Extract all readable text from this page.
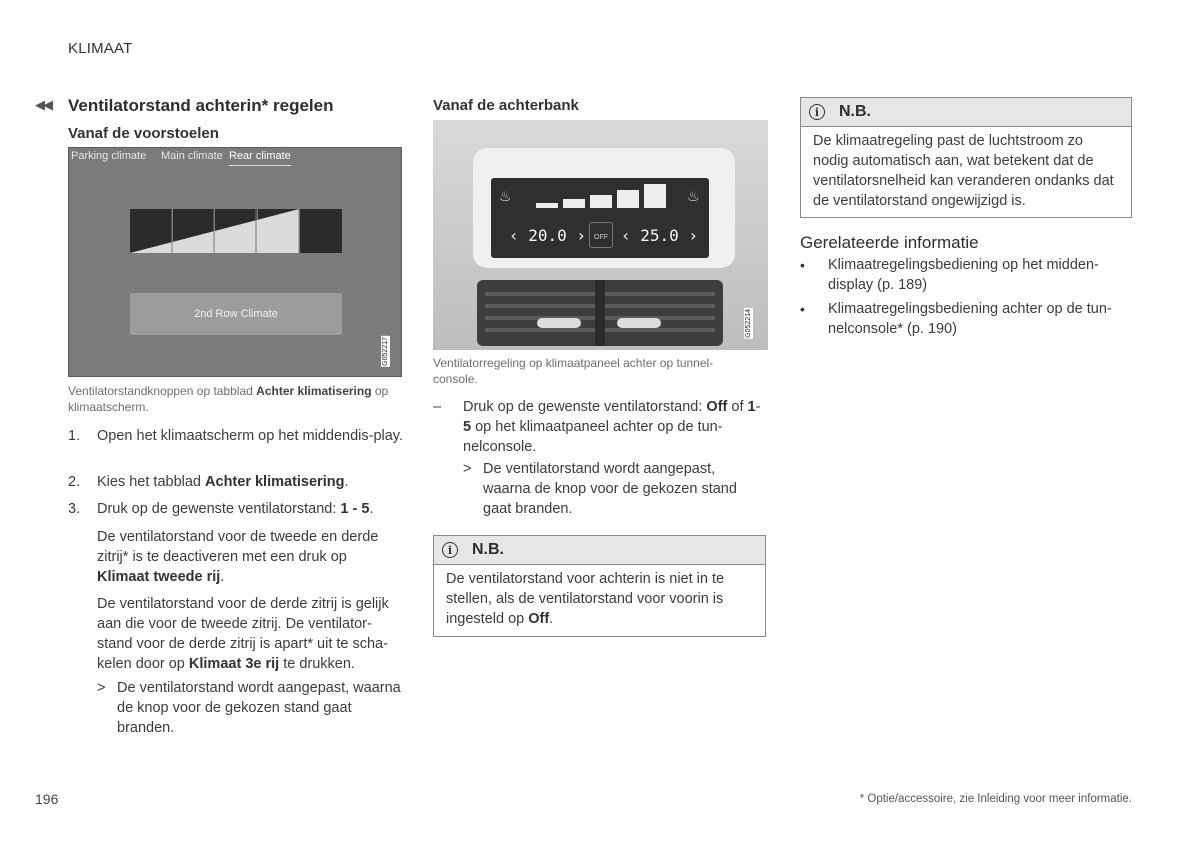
KLIMAAT
◀◀ Ventilatorstand achterin* regelen
Vanaf de voorstoelen
Parking climate Main climate Rear climate
2nd Row Climate
G052217
Ventilatorstandknoppen op tabblad Achter klimatisering op klimaatscherm.
1.	Open het klimaatscherm op het middendis-play.
2.	Kies het tabblad Achter klimatisering.
3.	Druk op de gewenste ventilatorstand: 1 - 5.
De ventilatorstand voor de tweede en derde zitrij* is te deactiveren met een druk op Klimaat tweede rij.
De ventilatorstand voor de derde zitrij is gelijk aan die voor de tweede zitrij. De ventilator-stand voor de derde zitrij is apart* uit te scha-kelen door op Klimaat 3e rij te drukken.
> De ventilatorstand wordt aangepast, waarna de knop voor de gekozen stand gaat branden.
Vanaf de achterbank
‹ 20.0 ›	OFF ‹ 25.0 ›
♨	♨
G052214
Ventilatorregeling op klimaatpaneel achter op tunnel-console.
– Druk op de gewenste ventilatorstand: Off of 1-5 op het klimaatpaneel achter op de tun-nelconsole.
> De ventilatorstand wordt aangepast, waarna de knop voor de gekozen stand gaat branden.
i	N.B.
De ventilatorstand voor achterin is niet in te stellen, als de ventilatorstand voor voorin is ingesteld op Off.
i	N.B.
De klimaatregeling past de luchtstroom zo nodig automatisch aan, wat betekent dat de ventilatorsnelheid kan veranderen ondanks dat de ventilatorstand ongewijzigd is.
Gerelateerde informatie
• Klimaatregelingsbediening op het midden-display (p. 189)
• Klimaatregelingsbediening achter op de tun-nelconsole* (p. 190)
196	* Optie/accessoire, zie Inleiding voor meer informatie.
